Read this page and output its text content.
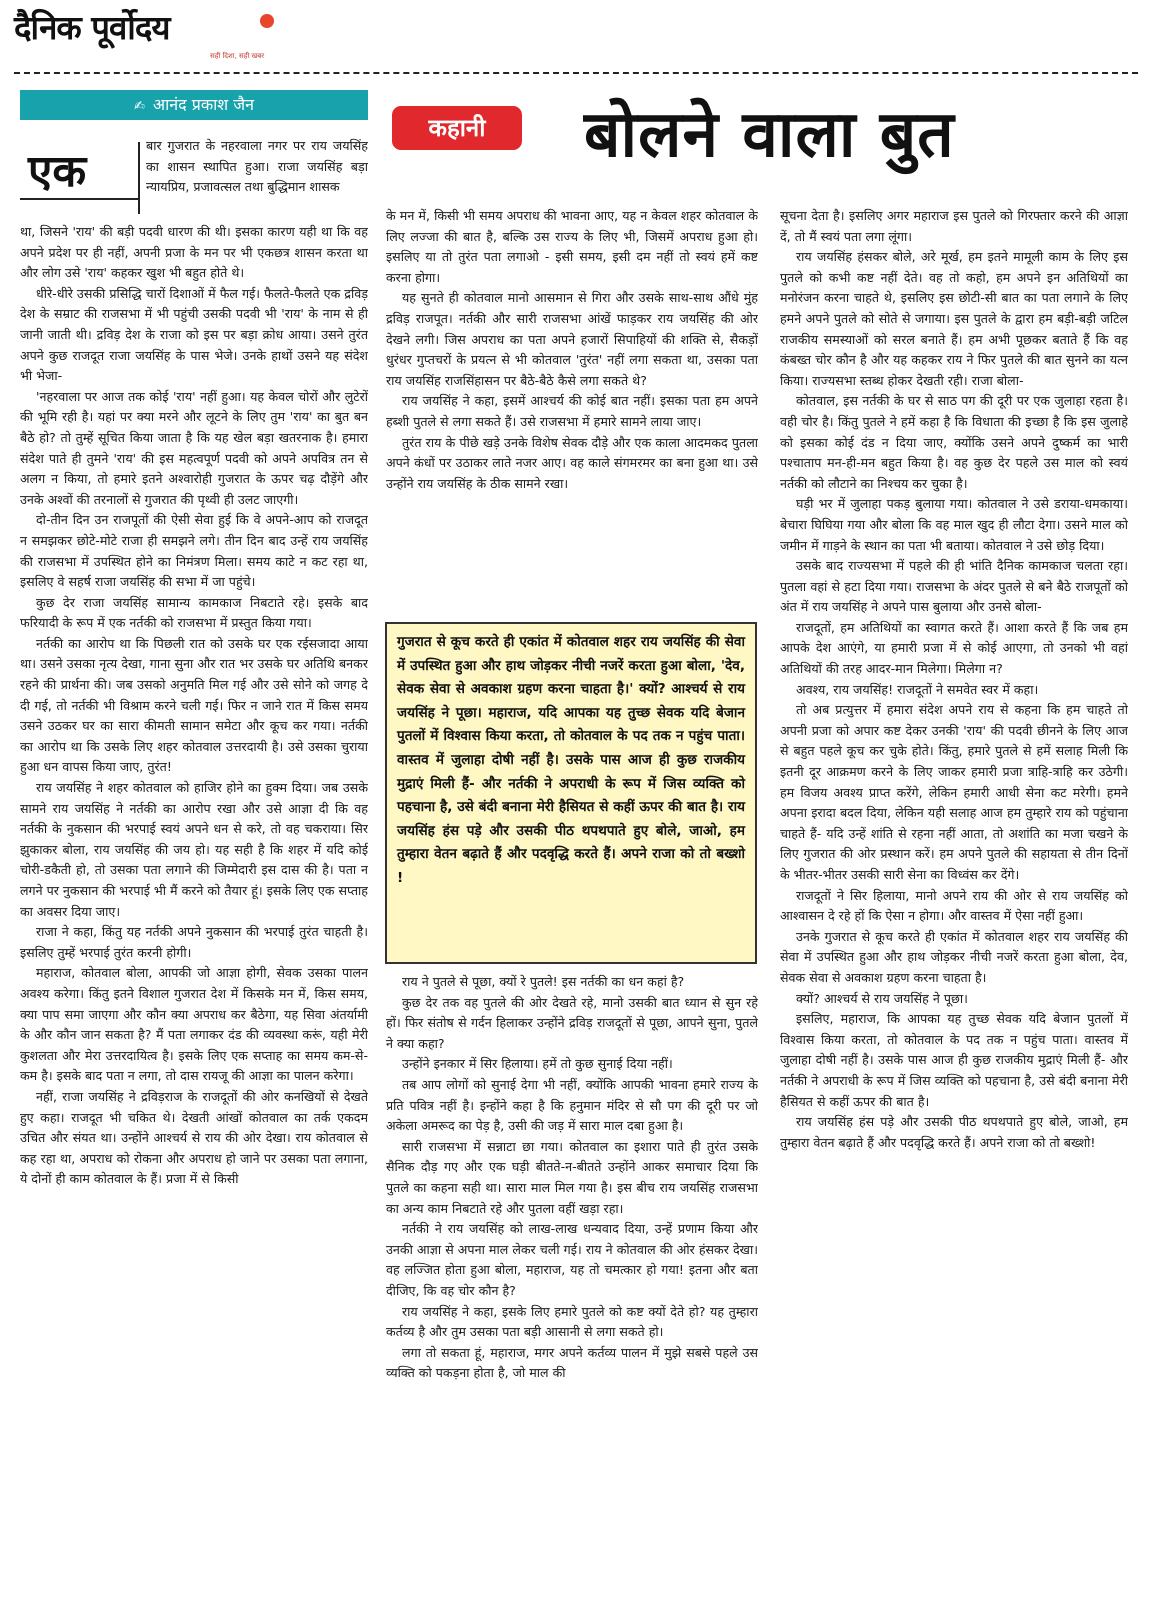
दैनिक पूर्वोदय
सही दिशा, सही खबर
✍ आनंद प्रकाश जैन
कहानी	बोलने वाला बुत
एक

बार गुजरात के नहरवाला नगर पर राय जयसिंह का शासन स्थापित हुआ। राजा जयसिंह बड़ा न्यायप्रिय, प्रजावत्सल तथा बुद्धिमान शासक

था, जिसने 'राय' की बड़ी पदवी धारण की थी। इसका कारण यही था कि वह अपने प्रदेश पर ही नहीं, अपनी प्रजा के मन पर भी एकछत्र शासन करता था और लोग उसे 'राय' कहकर खुश भी बहुत होते थे।

धीरे-धीरे उसकी प्रसिद्धि चारों दिशाओं में फैल गई। फैलते-फैलते एक द्रविड़ देश के सम्राट की राजसभा में भी पहुंची उसकी पदवी भी 'राय' के नाम से ही जानी जाती थी। द्रविड़ देश के राजा को इस पर बड़ा क्रोध आया। उसने तुरंत अपने कुछ राजदूत राजा जयसिंह के पास भेजे। उनके हाथों उसने यह संदेश भी भेजा-

'नहरवाला पर आज तक कोई 'राय' नहीं हुआ। यह केवल चोरों और लुटेरों की भूमि रही है। यहां पर क्या मरने और लूटने के लिए तुम 'राय' का बुत बन बैठे हो? तो तुम्हें सूचित किया जाता है कि यह खेल बड़ा खतरनाक है। हमारा संदेश पाते ही तुमने 'राय' की इस महत्वपूर्ण पदवी को अपने अपवित्र तन से अलग न किया, तो हमारे इतने अश्वारोही गुजरात के ऊपर चढ़ दौड़ेंगे और उनके अश्वों की तरनालों से गुजरात की पृथ्वी ही उलट जाएगी।

दो-तीन दिन उन राजपूतों की ऐसी सेवा हुई कि वे अपने-आप को राजदूत न समझकर छोटे-मोटे राजा ही समझने लगे। तीन दिन बाद उन्हें राय जयसिंह की राजसभा में उपस्थित होने का निमंत्रण मिला। समय काटे न कट रहा था, इसलिए वे सहर्ष राजा जयसिंह की सभा में जा पहुंचे।

कुछ देर राजा जयसिंह सामान्य कामकाज निबटाते रहे। इसके बाद फरियादी के रूप में एक नर्तकी को राजसभा में प्रस्तुत किया गया।

नर्तकी का आरोप था कि पिछली रात को उसके घर एक रईसजादा आया था। उसने उसका नृत्य देखा, गाना सुना और रात भर उसके घर अतिथि बनकर रहने की प्रार्थना की। जब उसको अनुमति मिल गई और उसे सोने को जगह दे दी गई, तो नर्तकी भी विश्राम करने चली गई। फिर न जाने रात में किस समय उसने उठकर घर का सारा कीमती सामान समेटा और कूच कर गया। नर्तकी का आरोप था कि उसके लिए शहर कोतवाल उत्तरदायी है। उसे उसका चुराया हुआ धन वापस किया जाए, तुरंत!

राय जयसिंह ने शहर कोतवाल को हाजिर होने का हुक्म दिया। जब उसके सामने राय जयसिंह ने नर्तकी का आरोप रखा और उसे आज्ञा दी कि वह नर्तकी के नुकसान की भरपाई स्वयं अपने धन से करे, तो वह चकराया। सिर झुकाकर बोला, राय जयसिंह की जय हो। यह सही है कि शहर में यदि कोई चोरी-डकैती हो, तो उसका पता लगाने की जिम्मेदारी इस दास की है। पता न लगने पर नुकसान की भरपाई भी मैं करने को तैयार हूं। इसके लिए एक सप्ताह का अवसर दिया जाए।

राजा ने कहा, किंतु यह नर्तकी अपने नुकसान की भरपाई तुरंत चाहती है। इसलिए तुम्हें भरपाई तुरंत करनी होगी।

महाराज, कोतवाल बोला, आपकी जो आज्ञा होगी, सेवक उसका पालन अवश्य करेगा। किंतु इतने विशाल गुजरात देश में किसके मन में, किस समय, क्या पाप समा जाएगा और कौन क्या अपराध कर बैठेगा, यह सिवा अंतर्यामी के और कौन जान सकता है? मैं पता लगाकर दंड की व्यवस्था करूं, यही मेरी कुशलता और मेरा उत्तरदायित्व है। इसके लिए एक सप्ताह का समय कम-से-कम है। इसके बाद पता न लगा, तो दास रायजू की आज्ञा का पालन करेगा।

नहीं, राजा जयसिंह ने द्रविड़राज के राजदूतों की ओर कनखियों से देखते हुए कहा। राजदूत भी चकित थे। देखती आंखों कोतवाल का तर्क एकदम उचित और संयत था। उन्होंने आश्चर्य से राय की ओर देखा। राय कोतवाल से कह रहा था, अपराध को रोकना और अपराध हो जाने पर उसका पता लगाना, ये दोनों ही काम कोतवाल के हैं। प्रजा में से किसी

के मन में, किसी भी समय अपराध की भावना आए, यह न केवल शहर कोतवाल के लिए लज्जा की बात है, बल्कि उस राज्य के लिए भी, जिसमें अपराध हुआ हो। इसलिए या तो तुरंत पता लगाओ - इसी समय, इसी दम नहीं तो स्वयं हमें कष्ट करना होगा।

यह सुनते ही कोतवाल मानो आसमान से गिरा और उसके साथ-साथ औंधे मुंह द्रविड़ राजपूत। नर्तकी और सारी राजसभा आंखें फाड़कर राय जयसिंह की ओर देखने लगी। जिस अपराध का पता अपने हजारों सिपाहियों की शक्ति से, सैकड़ों धुरंधर गुप्तचरों के प्रयत्न से भी कोतवाल 'तुरंत' नहीं लगा सकता था, उसका पता राय जयसिंह राजसिंहासन पर बैठे-बैठे कैसे लगा सकते थे?

राय जयसिंह ने कहा, इसमें आश्चर्य की कोई बात नहीं। इसका पता हम अपने हब्शी पुतले से लगा सकते हैं। उसे राजसभा में हमारे सामने लाया जाए।

तुरंत राय के पीछे खड़े उनके विशेष सेवक दौड़े और एक काला आदमकद पुतला अपने कंधों पर उठाकर लाते नजर आए। वह काले संगमरमर का बना हुआ था। उसे उन्होंने राय जयसिंह के ठीक सामने रखा।

गुजरात से कूच करते ही एकांत में कोतवाल शहर राय जयसिंह की सेवा में उपस्थित हुआ और हाथ जोड़कर नीची नजरें करता हुआ बोला, 'देव, सेवक सेवा से अवकाश ग्रहण करना चाहता है।' क्यों? आश्चर्य से राय जयसिंह ने पूछा। महाराज, यदि आपका यह तुच्छ सेवक यदि बेजान पुतलों में विश्वास किया करता, तो कोतवाल के पद तक न पहुंच पाता। वास्तव में जुलाहा दोषी नहीं है। उसके पास आज ही कुछ राजकीय मुद्राएं मिली हैं- और नर्तकी ने अपराधी के रूप में जिस व्यक्ति को पहचाना है, उसे बंदी बनाना मेरी हैसियत से कहीं ऊपर की बात है। राय जयसिंह हंस पड़े और उसकी पीठ थपथपाते हुए बोले, जाओ, हम तुम्हारा वेतन बढ़ाते हैं और पदवृद्धि करते हैं। अपने राजा को तो बख्शो !

राय ने पुतले से पूछा, क्यों रे पुतले! इस नर्तकी का धन कहां है?

कुछ देर तक वह पुतले की ओर देखते रहे, मानो उसकी बात ध्यान से सुन रहे हों। फिर संतोष से गर्दन हिलाकर उन्होंने द्रविड़ राजदूतों से पूछा, आपने सुना, पुतले ने क्या कहा?

उन्होंने इनकार में सिर हिलाया। हमें तो कुछ सुनाई दिया नहीं।

तब आप लोगों को सुनाई देगा भी नहीं, क्योंकि आपकी भावना हमारे राज्य के प्रति पवित्र नहीं है। इन्होंने कहा है कि हनुमान मंदिर से सौ पग की दूरी पर जो अकेला अमरूद का पेड़ है, उसी की जड़ में सारा माल दबा हुआ है।

सारी राजसभा में सन्नाटा छा गया। कोतवाल का इशारा पाते ही तुरंत उसके सैनिक दौड़ गए और एक घड़ी बीतते-न-बीतते उन्होंने आकर समाचार दिया कि पुतले का कहना सही था। सारा माल मिल गया है। इस बीच राय जयसिंह राजसभा का अन्य काम निबटाते रहे और पुतला वहीं खड़ा रहा।

नर्तकी ने राय जयसिंह को लाख-लाख धन्यवाद दिया, उन्हें प्रणाम किया और उनकी आज्ञा से अपना माल लेकर चली गई। राय ने कोतवाल की ओर हंसकर देखा। वह लज्जित होता हुआ बोला, महाराज, यह तो चमत्कार हो गया! इतना और बता दीजिए, कि वह चोर कौन है?

राय जयसिंह ने कहा, इसके लिए हमारे पुतले को कष्ट क्यों देते हो? यह तुम्हारा कर्तव्य है और तुम उसका पता बड़ी आसानी से लगा सकते हो।

लगा तो सकता हूं, महाराज, मगर अपने कर्तव्य पालन में मुझे सबसे पहले उस व्यक्ति को पकड़ना होता है, जो माल की

सूचना देता है। इसलिए अगर महाराज इस पुतले को गिरफ्तार करने की आज्ञा दें, तो मैं स्वयं पता लगा लूंगा।

राय जयसिंह हंसकर बोले, अरे मूर्ख, हम इतने मामूली काम के लिए इस पुतले को कभी कष्ट नहीं देते। वह तो कहो, हम अपने इन अतिथियों का मनोरंजन करना चाहते थे, इसलिए इस छोटी-सी बात का पता लगाने के लिए हमने अपने पुतले को सोते से जगाया। इस पुतले के द्वारा हम बड़ी-बड़ी जटिल राजकीय समस्याओं को सरल बनाते हैं। हम अभी पूछकर बताते हैं कि वह कंबख्त चोर कौन है और यह कहकर राय ने फिर पुतले की बात सुनने का यत्न किया। राज्यसभा स्तब्ध होकर देखती रही। राजा बोला-

कोतवाल, इस नर्तकी के घर से साठ पग की दूरी पर एक जुलाहा रहता है। वही चोर है। किंतु पुतले ने हमें कहा है कि विधाता की इच्छा है कि इस जुलाहे को इसका कोई दंड न दिया जाए, क्योंकि उसने अपने दुष्कर्म का भारी पश्चाताप मन-ही-मन बहुत किया है। वह कुछ देर पहले उस माल को स्वयं नर्तकी को लौटाने का निश्चय कर चुका है।

घड़ी भर में जुलाहा पकड़ बुलाया गया। कोतवाल ने उसे डराया-धमकाया। बेचारा घिघिया गया और बोला कि वह माल खुद ही लौटा देगा। उसने माल को जमीन में गाड़ने के स्थान का पता भी बताया। कोतवाल ने उसे छोड़ दिया।

उसके बाद राज्यसभा में पहले की ही भांति दैनिक कामकाज चलता रहा। पुतला वहां से हटा दिया गया। राजसभा के अंदर पुतले से बने बैठे राजपूतों को अंत में राय जयसिंह ने अपने पास बुलाया और उनसे बोला-

राजदूतों, हम अतिथियों का स्वागत करते हैं। आशा करते हैं कि जब हम आपके देश आएंगे, या हमारी प्रजा में से कोई आएगा, तो उनको भी वहां अतिथियों की तरह आदर-मान मिलेगा। मिलेगा न?

अवश्य, राय जयसिंह! राजदूतों ने समवेत स्वर में कहा।

तो अब प्रत्युत्तर में हमारा संदेश अपने राय से कहना कि हम चाहते तो अपनी प्रजा को अपार कष्ट देकर उनकी 'राय' की पदवी छीनने के लिए आज से बहुत पहले कूच कर चुके होते। किंतु, हमारे पुतले से हमें सलाह मिली कि इतनी दूर आक्रमण करने के लिए जाकर हमारी प्रजा त्राहि-त्राहि कर उठेगी। हम विजय अवश्य प्राप्त करेंगे, लेकिन हमारी आधी सेना कट मरेगी। हमने अपना इरादा बदल दिया, लेकिन यही सलाह आज हम तुम्हारे राय को पहुंचाना चाहते हैं- यदि उन्हें शांति से रहना नहीं आता, तो अशांति का मजा चखने के लिए गुजरात की ओर प्रस्थान करें। हम अपने पुतले की सहायता से तीन दिनों के भीतर-भीतर उसकी सारी सेना का विध्वंस कर देंगे।

राजदूतों ने सिर हिलाया, मानो अपने राय की ओर से राय जयसिंह को आश्वासन दे रहे हों कि ऐसा न होगा। और वास्तव में ऐसा नहीं हुआ।

उनके गुजरात से कूच करते ही एकांत में कोतवाल शहर राय जयसिंह की सेवा में उपस्थित हुआ और हाथ जोड़कर नीची नजरें करता हुआ बोला, देव, सेवक सेवा से अवकाश ग्रहण करना चाहता है।

क्यों? आश्चर्य से राय जयसिंह ने पूछा।

इसलिए, महाराज, कि आपका यह तुच्छ सेवक यदि बेजान पुतलों में विश्वास किया करता, तो कोतवाल के पद तक न पहुंच पाता। वास्तव में जुलाहा दोषी नहीं है। उसके पास आज ही कुछ राजकीय मुद्राएं मिली हैं- और नर्तकी ने अपराधी के रूप में जिस व्यक्ति को पहचाना है, उसे बंदी बनाना मेरी हैसियत से कहीं ऊपर की बात है।

राय जयसिंह हंस पड़े और उसकी पीठ थपथपाते हुए बोले, जाओ, हम तुम्हारा वेतन बढ़ाते हैं और पदवृद्धि करते हैं। अपने राजा को तो बख्शो!
